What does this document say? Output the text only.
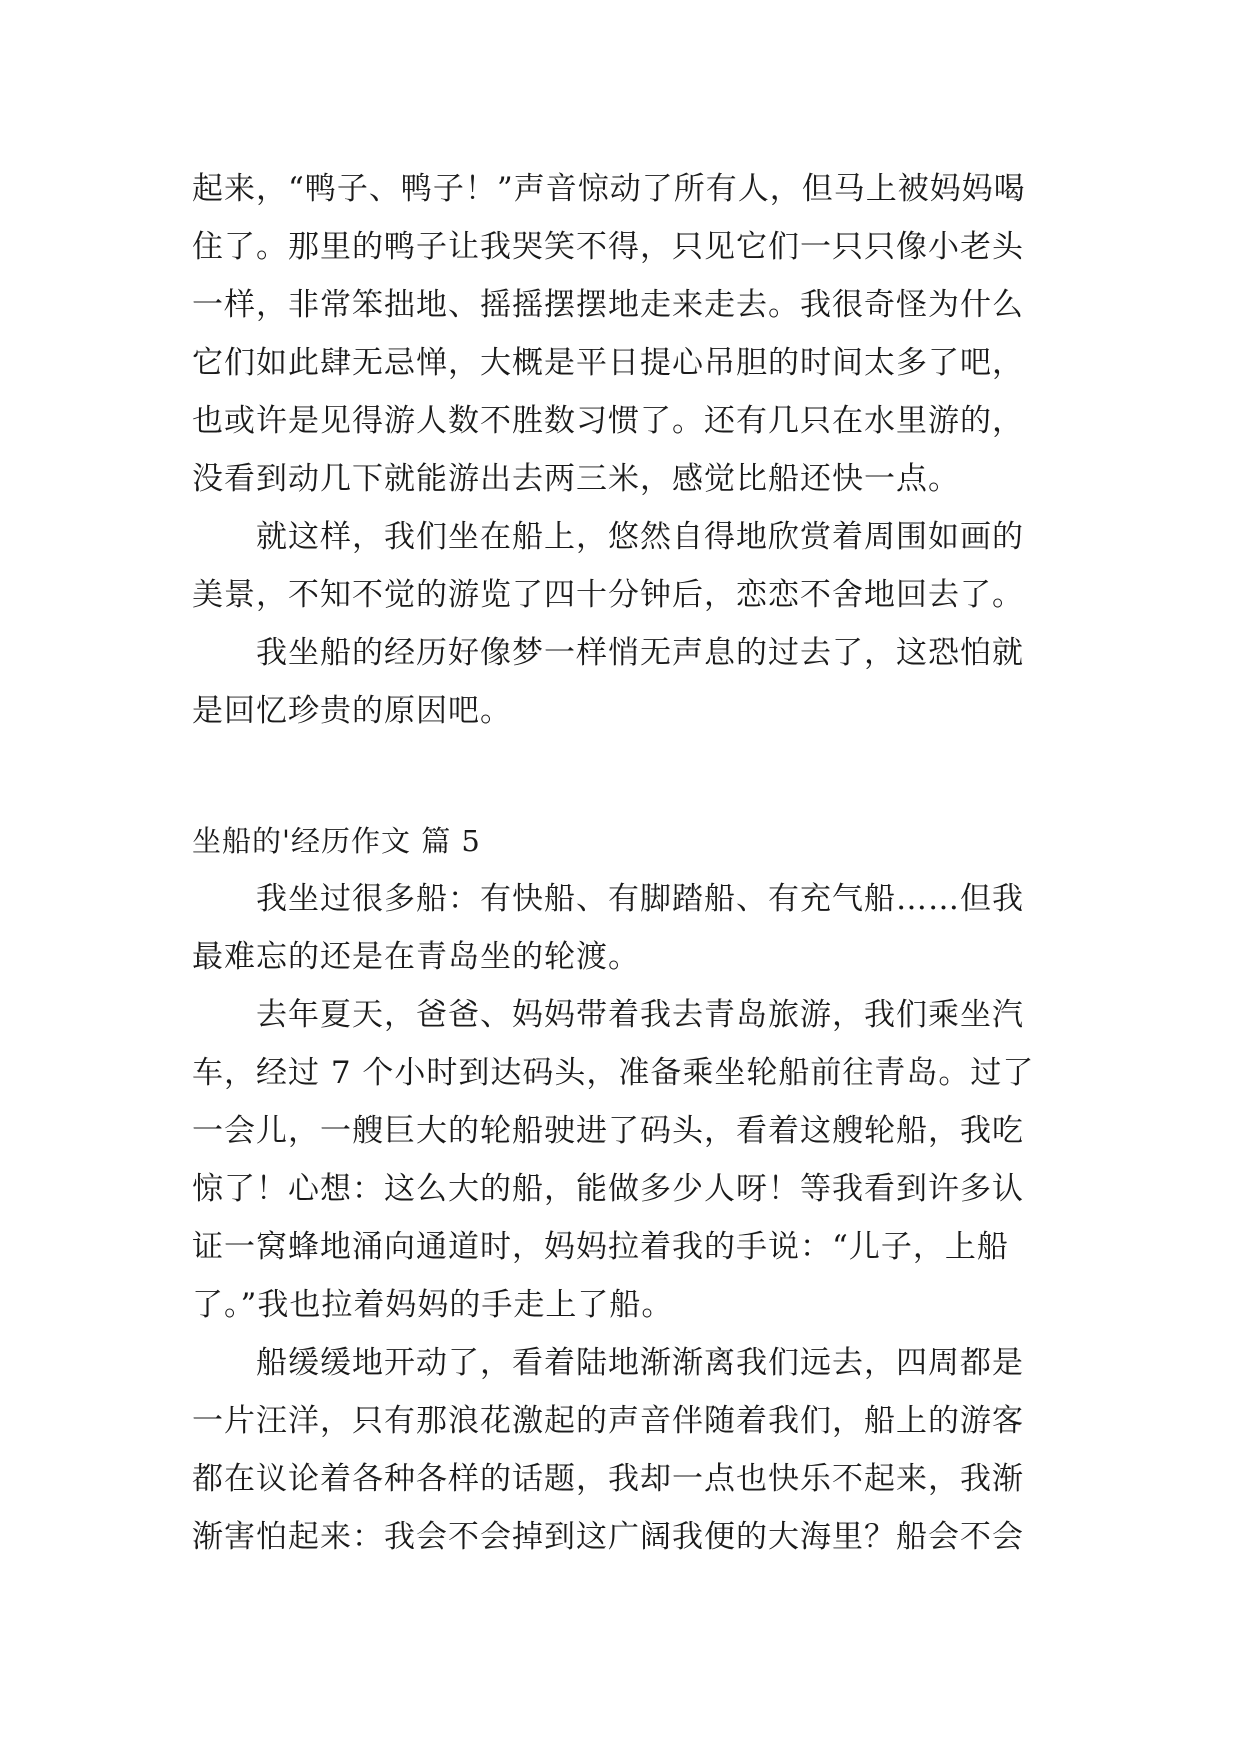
起来，“鸭子、鸭子！”声音惊动了所有人，但马上被妈妈喝
住了。那里的鸭子让我哭笑不得，只见它们一只只像小老头
一样，非常笨拙地、摇摇摆摆地走来走去。我很奇怪为什么
它们如此肆无忌惮，大概是平日提心吊胆的时间太多了吧，
也或许是见得游人数不胜数习惯了。还有几只在水里游的，
没看到动几下就能游出去两三米，感觉比船还快一点。
就这样，我们坐在船上，悠然自得地欣赏着周围如画的
美景，不知不觉的游览了四十分钟后，恋恋不舍地回去了。
我坐船的经历好像梦一样悄无声息的过去了，这恐怕就
是回忆珍贵的原因吧。
坐船的'经历作文 篇 5
我坐过很多船：有快船、有脚踏船、有充气船……但我
最难忘的还是在青岛坐的轮渡。
去年夏天，爸爸、妈妈带着我去青岛旅游，我们乘坐汽
车，经过 7 个小时到达码头，准备乘坐轮船前往青岛。过了
一会儿，一艘巨大的轮船驶进了码头，看着这艘轮船，我吃
惊了！心想：这么大的船，能做多少人呀！等我看到许多认
证一窝蜂地涌向通道时，妈妈拉着我的手说：“儿子，上船
了。”我也拉着妈妈的手走上了船。
船缓缓地开动了，看着陆地渐渐离我们远去，四周都是
一片汪洋，只有那浪花激起的声音伴随着我们，船上的游客
都在议论着各种各样的话题，我却一点也快乐不起来，我渐
渐害怕起来：我会不会掉到这广阔我便的大海里？船会不会
